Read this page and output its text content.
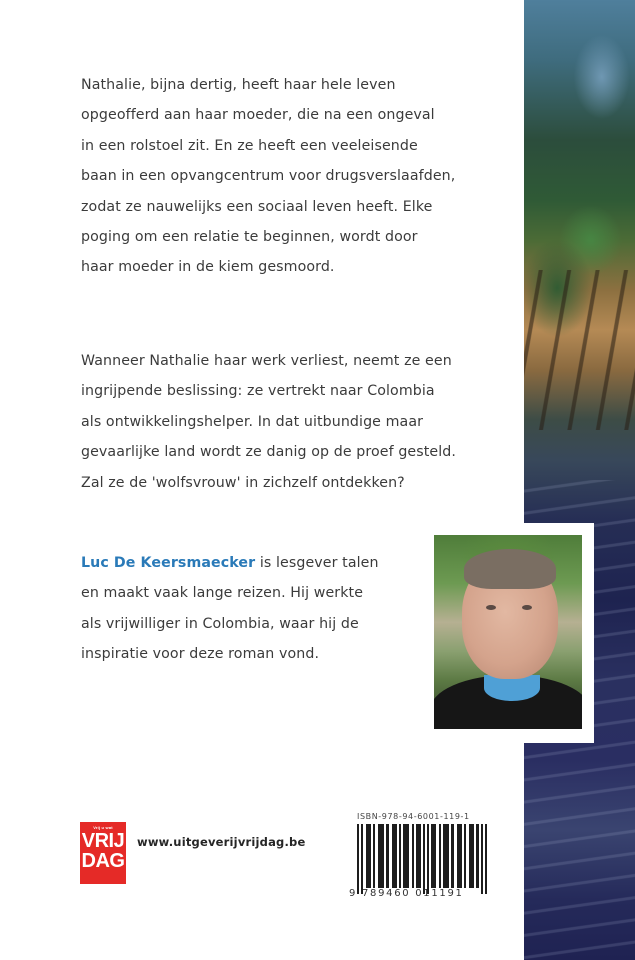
Nathalie, bijna dertig, heeft haar hele leven

opgeofferd aan haar moeder, die na een ongeval

in een rolstoel zit. En ze heeft een veeleisende

baan in een opvangcentrum voor drugsverslaafden,

zodat ze nauwelijks een sociaal leven heeft. Elke

poging om een relatie te beginnen, wordt door

haar moeder in de kiem gesmoord.

Wanneer Nathalie haar werk verliest, neemt ze een

ingrijpende beslissing: ze vertrekt naar Colombia

als ontwikkelingshelper. In dat uitbundige maar

gevaarlijke land wordt ze danig op de proef gesteld.

Zal ze de 'wolfsvrouw' in zichzelf ontdekken?

Luc De Keersmaecker is lesgever talen

en maakt vaak lange reizen. Hij werkte

als vrijwilliger in Colombia, waar hij de

inspiratie voor deze roman vond.

Vrij u wat
VRIJ
DAG
www.uitgeverijvrijdag.be
ISBN-978-94-6001-119-1
9 789460 011191
